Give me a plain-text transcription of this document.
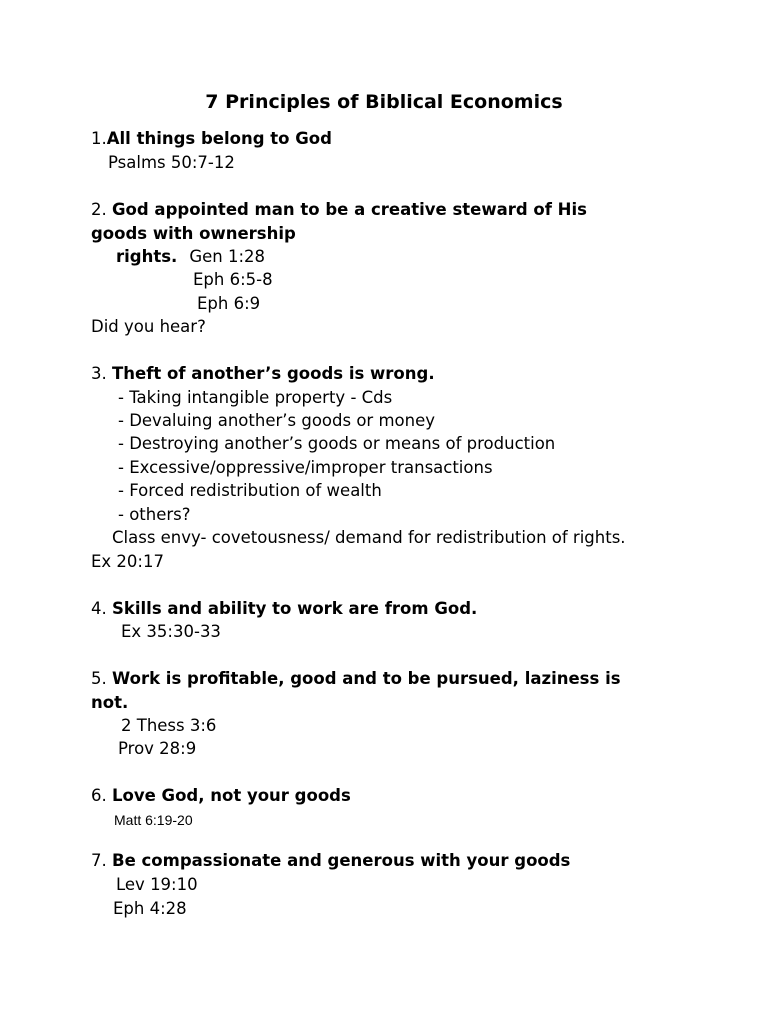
7 Principles of Biblical Economics
1.All things belong to God
Psalms 50:7-12
2. God appointed man to be a creative steward of His
goods with ownership
rights. Gen 1:28
Eph 6:5-8
Eph 6:9
Did you hear?
3. Theft of another’s goods is wrong.
- Taking intangible property - Cds
- Devaluing another’s goods or money
- Destroying another’s goods or means of production
- Excessive/oppressive/improper transactions
- Forced redistribution of wealth
- others?
Class envy- covetousness/ demand for redistribution of rights.
Ex 20:17
4. Skills and ability to work are from God.
Ex 35:30-33
5. Work is profitable, good and to be pursued, laziness is
not.
2 Thess 3:6
Prov 28:9
6. Love God, not your goods
Matt 6:19-20
7. Be compassionate and generous with your goods
Lev 19:10
Eph 4:28
